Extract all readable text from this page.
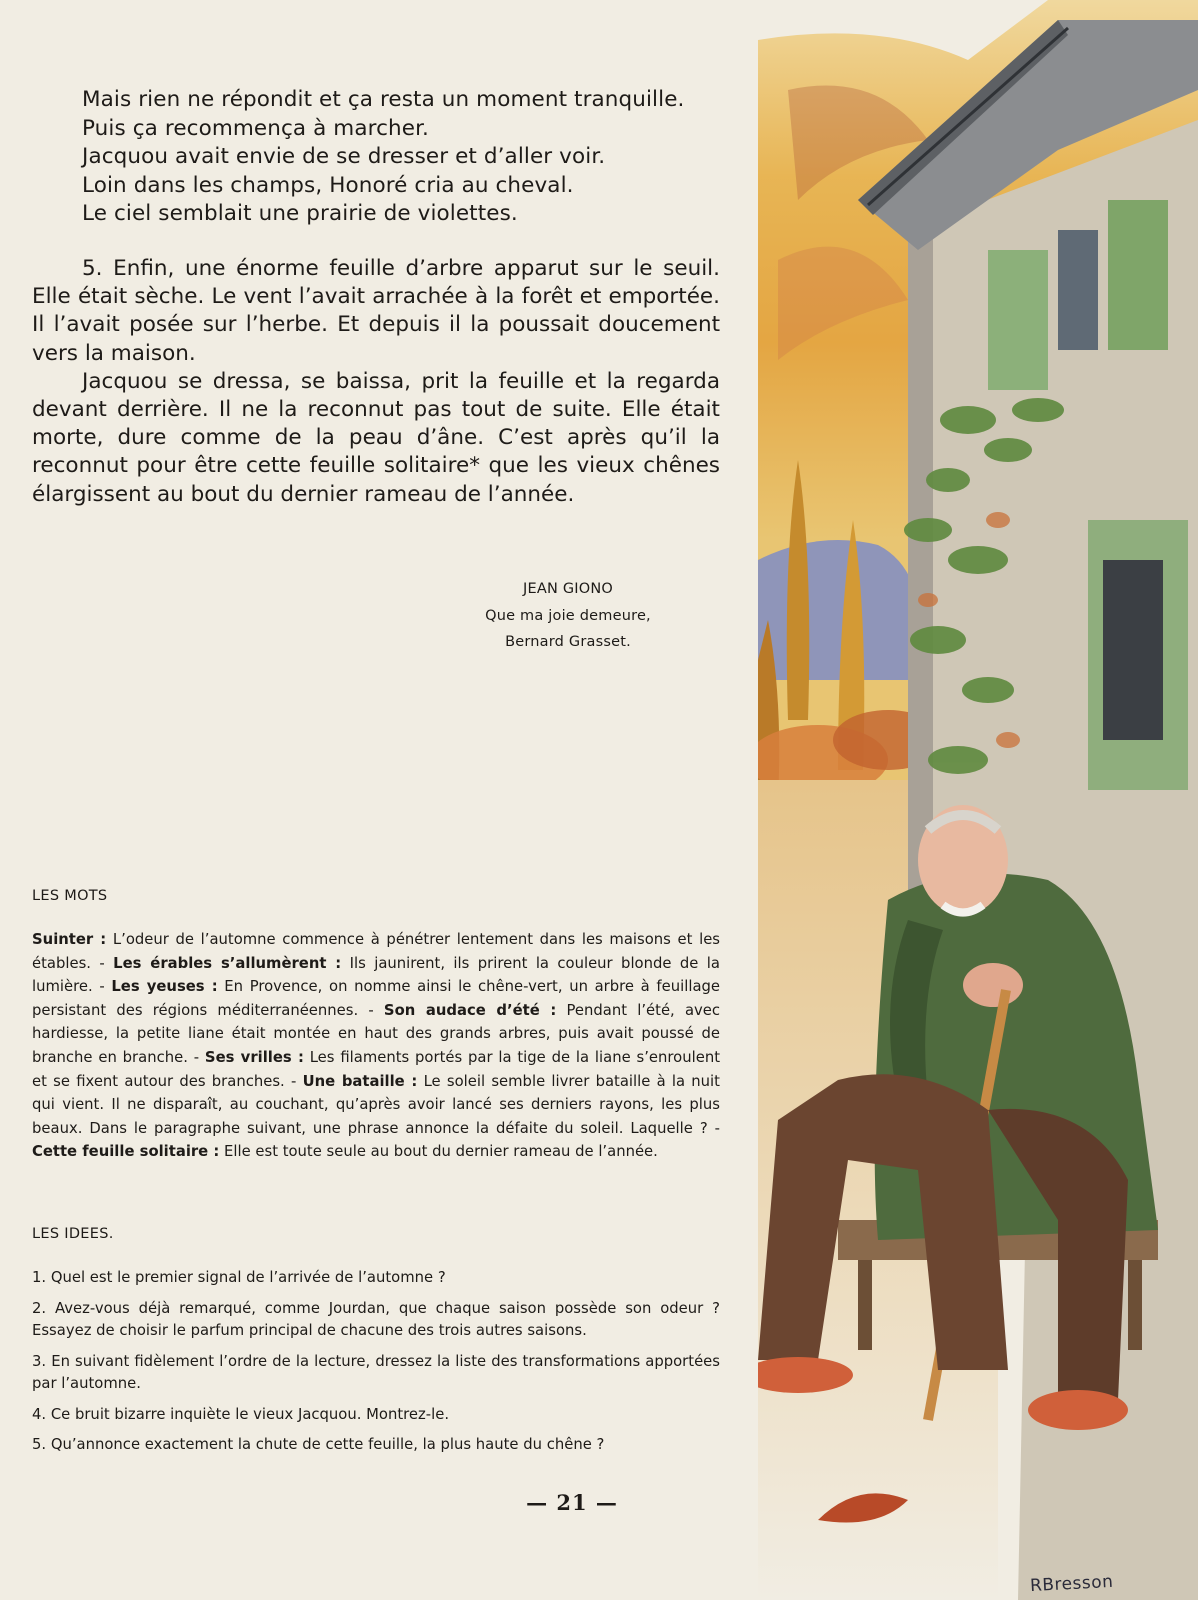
Mais rien ne répondit et ça resta un moment tranquille.
Puis ça recommença à marcher.
Jacquou avait envie de se dresser et d’aller voir.
Loin dans les champs, Honoré cria au cheval.
Le ciel semblait une prairie de violettes.

5. Enfin, une énorme feuille d’arbre apparut sur le seuil. Elle était sèche. Le vent l’avait arrachée à la forêt et emportée. Il l’avait posée sur l’herbe. Et depuis il la poussait doucement vers la maison.

Jacquou se dressa, se baissa, prit la feuille et la regarda devant derrière. Il ne la reconnut pas tout de suite. Elle était morte, dure comme de la peau d’âne. C’est après qu’il la reconnut pour être cette feuille solitaire* que les vieux chênes élargissent au bout du dernier rameau de l’année.

JEAN GIONO
Que ma joie demeure,
Bernard Grasset.
LES MOTS
Suinter : L’odeur de l’automne commence à pénétrer lentement dans les maisons et les étables. - Les érables s’allumèrent : Ils jaunirent, ils prirent la couleur blonde de la lumière. - Les yeuses : En Provence, on nomme ainsi le chêne-vert, un arbre à feuillage persistant des régions méditerranéennes. - Son audace d’été : Pendant l’été, avec hardiesse, la petite liane était montée en haut des grands arbres, puis avait poussé de branche en branche. - Ses vrilles : Les filaments portés par la tige de la liane s’enroulent et se fixent autour des branches. - Une bataille : Le soleil semble livrer bataille à la nuit qui vient. Il ne disparaît, au couchant, qu’après avoir lancé ses derniers rayons, les plus beaux. Dans le paragraphe suivant, une phrase annonce la défaite du soleil. Laquelle ? - Cette feuille solitaire : Elle est toute seule au bout du dernier rameau de l’année.
LES IDEES.
1. Quel est le premier signal de l’arrivée de l’automne ?
2. Avez-vous déjà remarqué, comme Jourdan, que chaque saison possède son odeur ? Essayez de choisir le parfum principal de chacune des trois autres saisons.
3. En suivant fidèlement l’ordre de la lecture, dressez la liste des transformations apportées par l’automne.
4. Ce bruit bizarre inquiète le vieux Jacquou. Montrez-le.
5. Qu’annonce exactement la chute de cette feuille, la plus haute du chêne ?
— 21 —
RBresson
